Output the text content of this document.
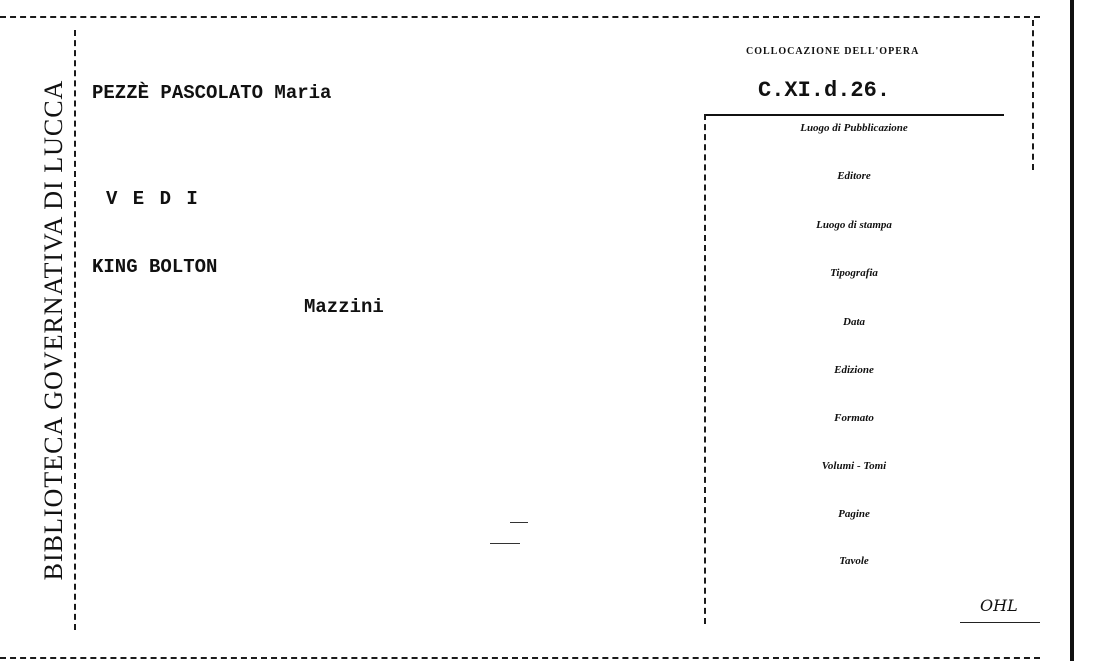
BIBLIOTECA GOVERNATIVA DI LUCCA PEZZÈ PASCOLATO Maria
V E D I
KING BOLTON
Mazzini
COLLOCAZIONE DELL'OPERA
C.XI.d.26.
Luogo di Pubblicazione
Editore
Luogo di stampa
Tipografia
Data
Edizione
Formato
Volumi - Tomi
Pagine
Tavole
OHL
